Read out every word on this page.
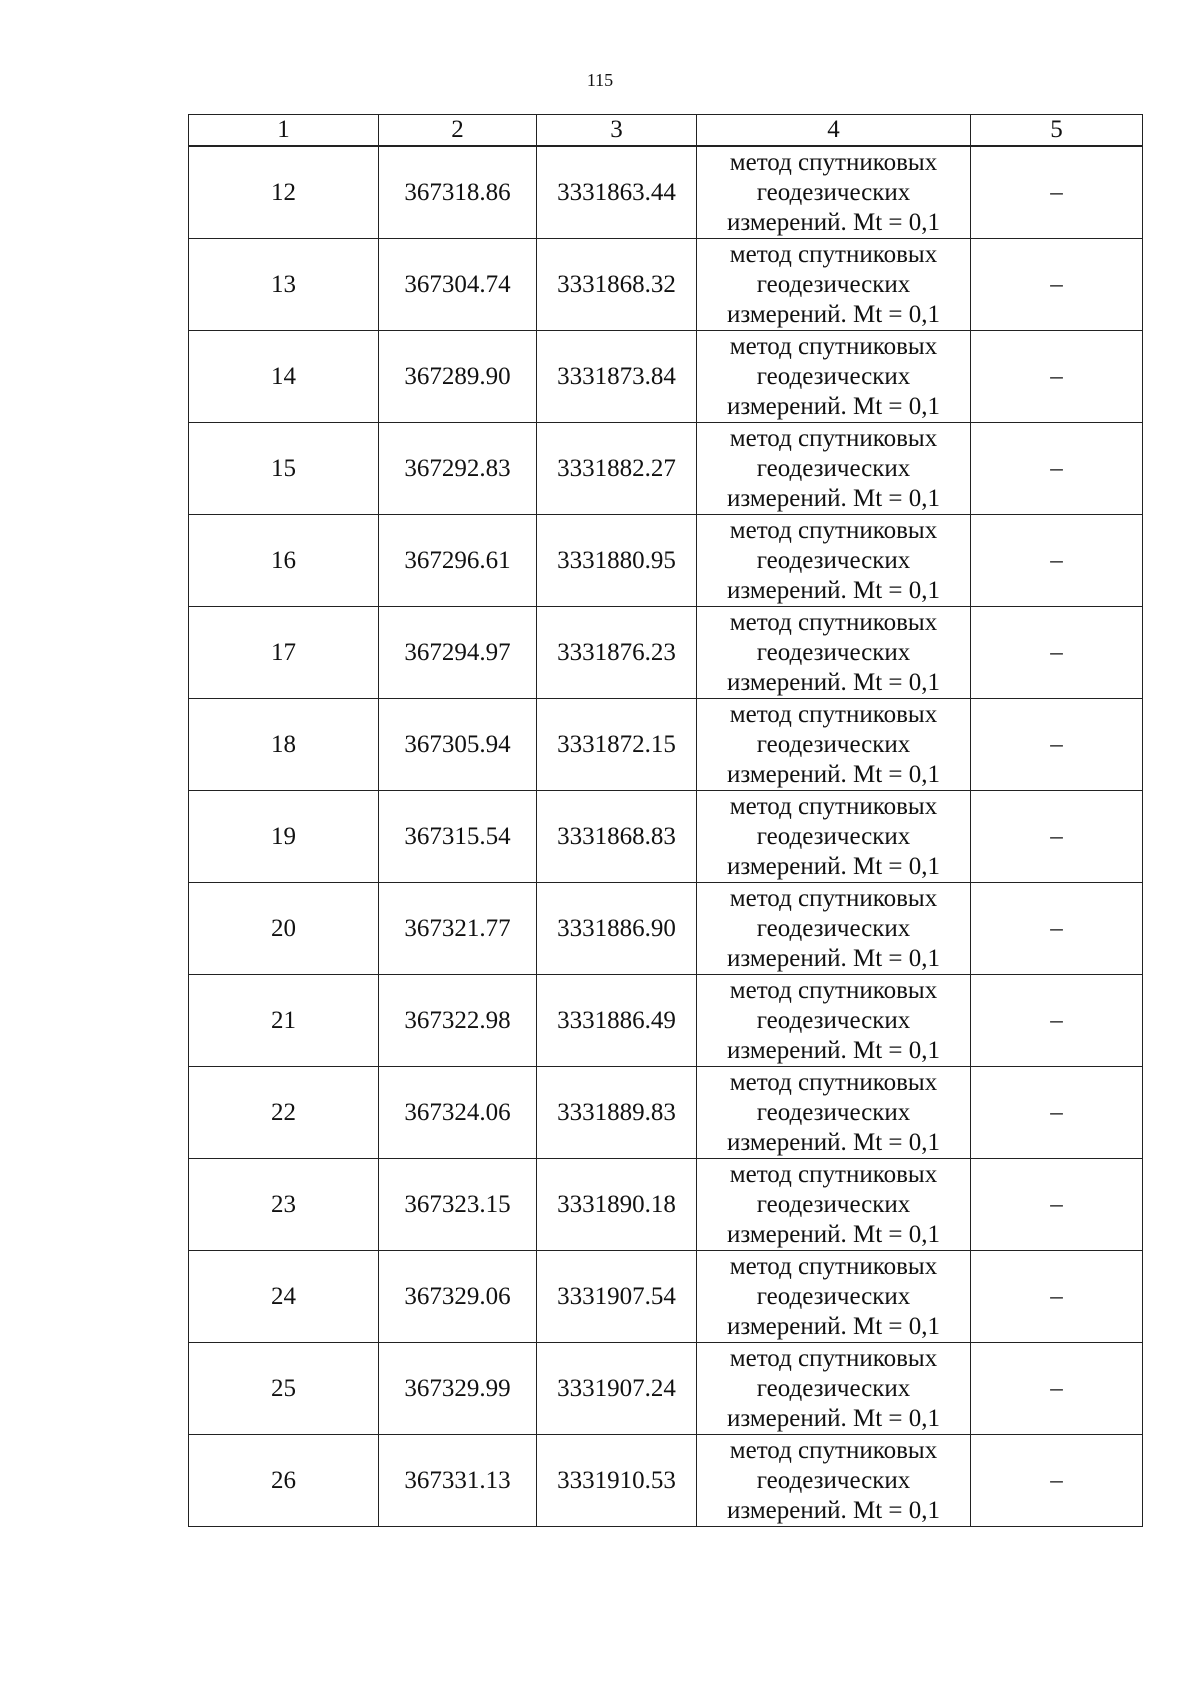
115
1	2	3	4	5
12	367318.86	3331863.44	метод спутниковых
геодезических
измерений. Mt = 0,1	–
13	367304.74	3331868.32	метод спутниковых
геодезических
измерений. Mt = 0,1	–
14	367289.90	3331873.84	метод спутниковых
геодезических
измерений. Mt = 0,1	–
15	367292.83	3331882.27	метод спутниковых
геодезических
измерений. Mt = 0,1	–
16	367296.61	3331880.95	метод спутниковых
геодезических
измерений. Mt = 0,1	–
17	367294.97	3331876.23	метод спутниковых
геодезических
измерений. Mt = 0,1	–
18	367305.94	3331872.15	метод спутниковых
геодезических
измерений. Mt = 0,1	–
19	367315.54	3331868.83	метод спутниковых
геодезических
измерений. Mt = 0,1	–
20	367321.77	3331886.90	метод спутниковых
геодезических
измерений. Mt = 0,1	–
21	367322.98	3331886.49	метод спутниковых
геодезических
измерений. Mt = 0,1	–
22	367324.06	3331889.83	метод спутниковых
геодезических
измерений. Mt = 0,1	–
23	367323.15	3331890.18	метод спутниковых
геодезических
измерений. Mt = 0,1	–
24	367329.06	3331907.54	метод спутниковых
геодезических
измерений. Mt = 0,1	–
25	367329.99	3331907.24	метод спутниковых
геодезических
измерений. Mt = 0,1	–
26	367331.13	3331910.53	метод спутниковых
геодезических
измерений. Mt = 0,1	–
